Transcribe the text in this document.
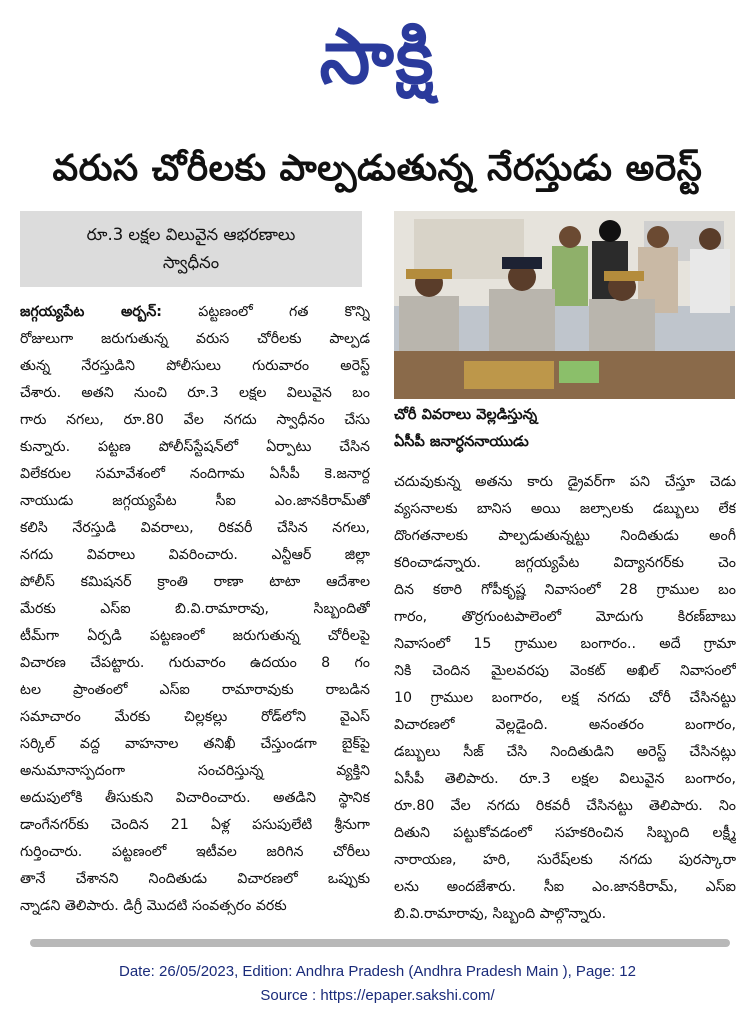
సాక్షి
వరుస చోరీలకు పాల్పడుతున్న నేరస్తుడు అరెస్ట్
రూ.3 లక్షల విలువైన ఆభరణాలు
స్వాధీనం
జగ్గయ్యపేట అర్బన్:	పట్టణంలో గత కొన్ని
రోజులుగా జరుగుతున్న వరుస చోరీలకు పాల్పడ
తున్న నేరస్తుడిని పోలీసులు గురువారం అరెస్ట్
చేశారు. అతని నుంచి రూ.3 లక్షల విలువైన బం
గారు నగలు, రూ.80 వేల నగదు స్వాధీనం చేసు
కున్నారు. పట్టణ పోలీస్‌స్టేషన్‌లో ఏర్పాటు చేసిన
విలేకరుల సమావేశంలో నందిగామ ఏసీపీ కె.జనార్ద
నాయుడు జగ్గయ్యపేట సీఐ ఎం.జానకిరామ్‌తో
కలిసి నేరస్తుడి వివరాలు, రికవరీ చేసిన నగలు,
నగదు వివరాలు వివరించారు. ఎన్టీఆర్ జిల్లా
పోలీస్ కమిషనర్ క్రాంతి రాణా టాటా ఆదేశాల
మేరకు ఎస్ఐ బి.వి.రామారావు, సిబ్బందితో
టీమ్‌గా ఏర్పడి పట్టణంలో జరుగుతున్న చోరీలపై
విచారణ చేపట్టారు. గురువారం ఉదయం 8 గం
టల ప్రాంతంలో ఎస్ఐ రామారావుకు రాబడిన
సమాచారం మేరకు చిల్లకల్లు రోడ్‌లోని వైఎస్
సర్కిల్ వద్ద వాహనాల తనిఖీ చేస్తుండగా బైక్‌పై
అనుమానాస్పదంగా సంచరిస్తున్న వ్యక్తిని
అదుపులోకి తీసుకుని విచారించారు. అతడిని స్థానిక
డాంగేనగర్‌కు చెందిన 21 ఏళ్ల పసుపులేటి శ్రీనుగా
గుర్తించారు. పట్టణంలో ఇటీవల జరిగిన చోరీలు
తానే చేశానని నిందితుడు విచారణలో ఒప్పుకు
న్నాడని తెలిపారు. డిగ్రీ మొదటి సంవత్సరం వరకు
చోరీ వివరాలు వెల్లడిస్తున్న
ఏసీపీ జనార్ధననాయుడు
చదువుకున్న అతను కారు డ్రైవర్‌గా పని చేస్తూ చెడు
వ్యసనాలకు బానిస అయి జల్సాలకు డబ్బులు లేక
దొంగతనాలకు పాల్పడుతున్నట్టు నిందితుడు అంగీ
కరించాడన్నారు. జగ్గయ్యపేట విద్యానగర్‌కు చెం
దిన కఠారి గోపీకృష్ణ నివాసంలో 28 గ్రాముల బం
గారం, తొర్రగుంటపాలెంలో మోదుగు కిరణ్‌బాబు
నివాసంలో 15 గ్రాముల బంగారం.. అదే గ్రామా
నికి చెందిన మైలవరపు వెంకట్ అఖిల్ నివాసంలో
10 గ్రాముల బంగారం, లక్ష నగదు చోరీ చేసినట్టు
విచారణలో వెల్లడైంది. అనంతరం బంగారం,
డబ్బులు సీజ్ చేసి నిందితుడిని అరెస్ట్ చేసినట్లు
ఏసీపీ తెలిపారు. రూ.3 లక్షల విలువైన బంగారం,
రూ.80 వేల నగదు రికవరీ చేసినట్టు తెలిపారు. నిం
దితుని పట్టుకోవడంలో సహకరించిన సిబ్బంది లక్ష్మీ
నారాయణ, హరి, సురేష్‌లకు నగదు పురస్కారా
లను అందజేశారు. సీఐ ఎం.జానకిరామ్, ఎస్ఐ
బి.వి.రామారావు, సిబ్బంది పాల్గొన్నారు.
Date: 26/05/2023, Edition: Andhra Pradesh (Andhra Pradesh Main ), Page: 12
Source : https://epaper.sakshi.com/
